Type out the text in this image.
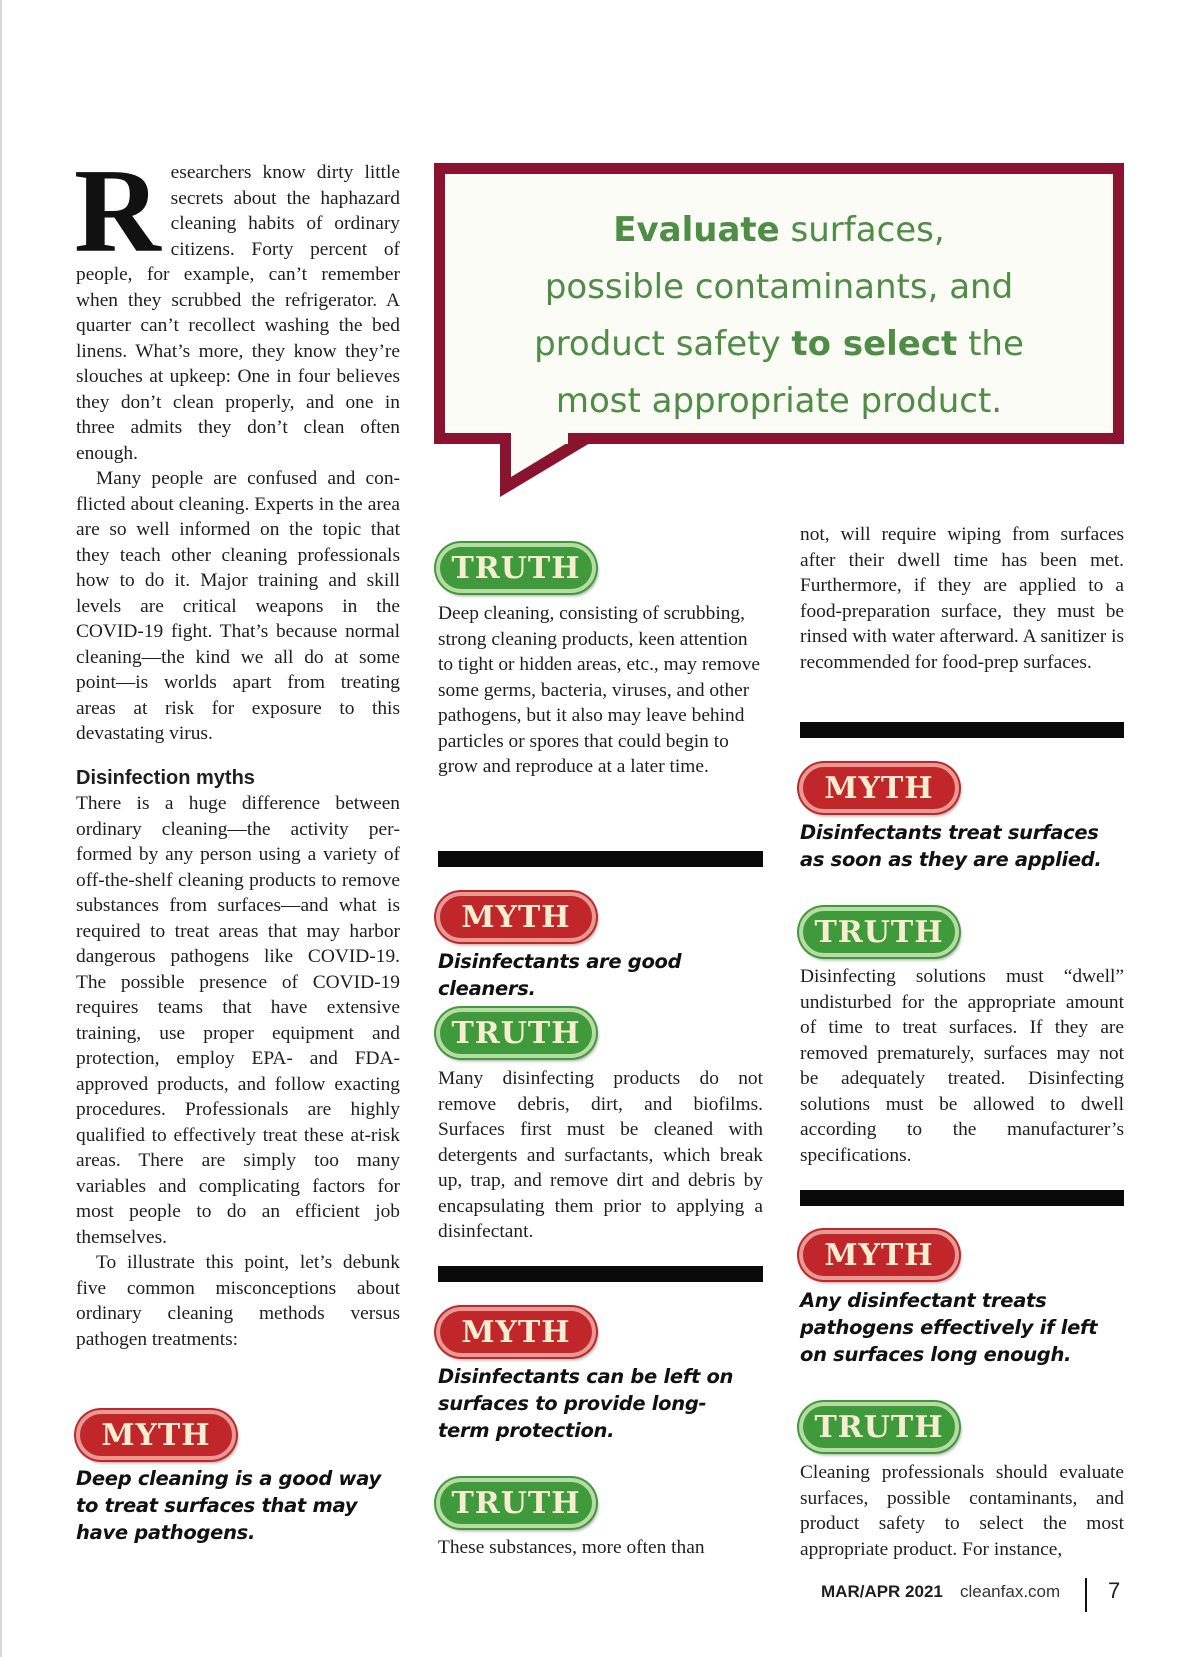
R esearchers know dirty little secrets about the haphazard cleaning habits of ordinary citizens. Forty percent of people, for example, can’t remember when they scrubbed the refrigerator. A quarter can’t recollect washing the bed linens. What’s more, they know they’re slouches at upkeep: One in four believes they don’t clean properly, and one in three admits they don’t clean often enough.

Many people are confused and conflicted about cleaning. Experts in the area are so well informed on the topic that they teach other cleaning professionals how to do it. Major training and skill levels are critical weapons in the COVID-19 fight. That’s because normal cleaning—the kind we all do at some point—is worlds apart from treating areas at risk for exposure to this devastating virus.

Disinfection myths

There is a huge difference between ordinary cleaning—the activity performed by any person using a variety of off-the-shelf cleaning products to remove substances from surfaces—and what is required to treat areas that may harbor dangerous pathogens like COVID-19. The possible presence of COVID-19 requires teams that have extensive training, use proper equipment and protection, employ EPA- and FDA-approved products, and follow exacting procedures. Professionals are highly qualified to effectively treat these at-risk areas. There are simply too many variables and complicating factors for most people to do an efficient job themselves.

To illustrate this point, let’s debunk five common misconceptions about ordinary cleaning methods versus pathogen treatments:

MYTH

Deep cleaning is a good way to treat surfaces that may have pathogens.

Evaluate surfaces,
possible contaminants, and
product safety to select the
most appropriate product.
TRUTH

Deep cleaning, consisting of scrubbing, strong cleaning products, keen attention to tight or hidden areas, etc., may remove some germs, bacteria, viruses, and other pathogens, but it also may leave behind particles or spores that could begin to grow and reproduce at a later time.

MYTH

Disinfectants are good cleaners.

TRUTH

Many disinfecting products do not remove debris, dirt, and biofilms. Surfaces first must be cleaned with detergents and surfactants, which break up, trap, and remove dirt and debris by encapsulating them prior to applying a disinfectant.

MYTH

Disinfectants can be left on surfaces to provide long-term protection.

TRUTH

These substances, more often than

not, will require wiping from surfaces after their dwell time has been met. Furthermore, if they are applied to a food-preparation surface, they must be rinsed with water afterward. A sanitizer is recommended for food-prep surfaces.

MYTH

Disinfectants treat surfaces as soon as they are applied.

TRUTH

Disinfecting solutions must “dwell” undisturbed for the appropriate amount of time to treat surfaces. If they are removed prematurely, surfaces may not be adequately treated. Disinfecting solutions must be allowed to dwell according to the manufacturer’s specifications.

MYTH

Any disinfectant treats pathogens effectively if left on surfaces long enough.

TRUTH

Cleaning professionals should evaluate surfaces, possible contaminants, and product safety to select the most appropriate product. For instance,

MAR/APR 2021 cleanfax.com 7
